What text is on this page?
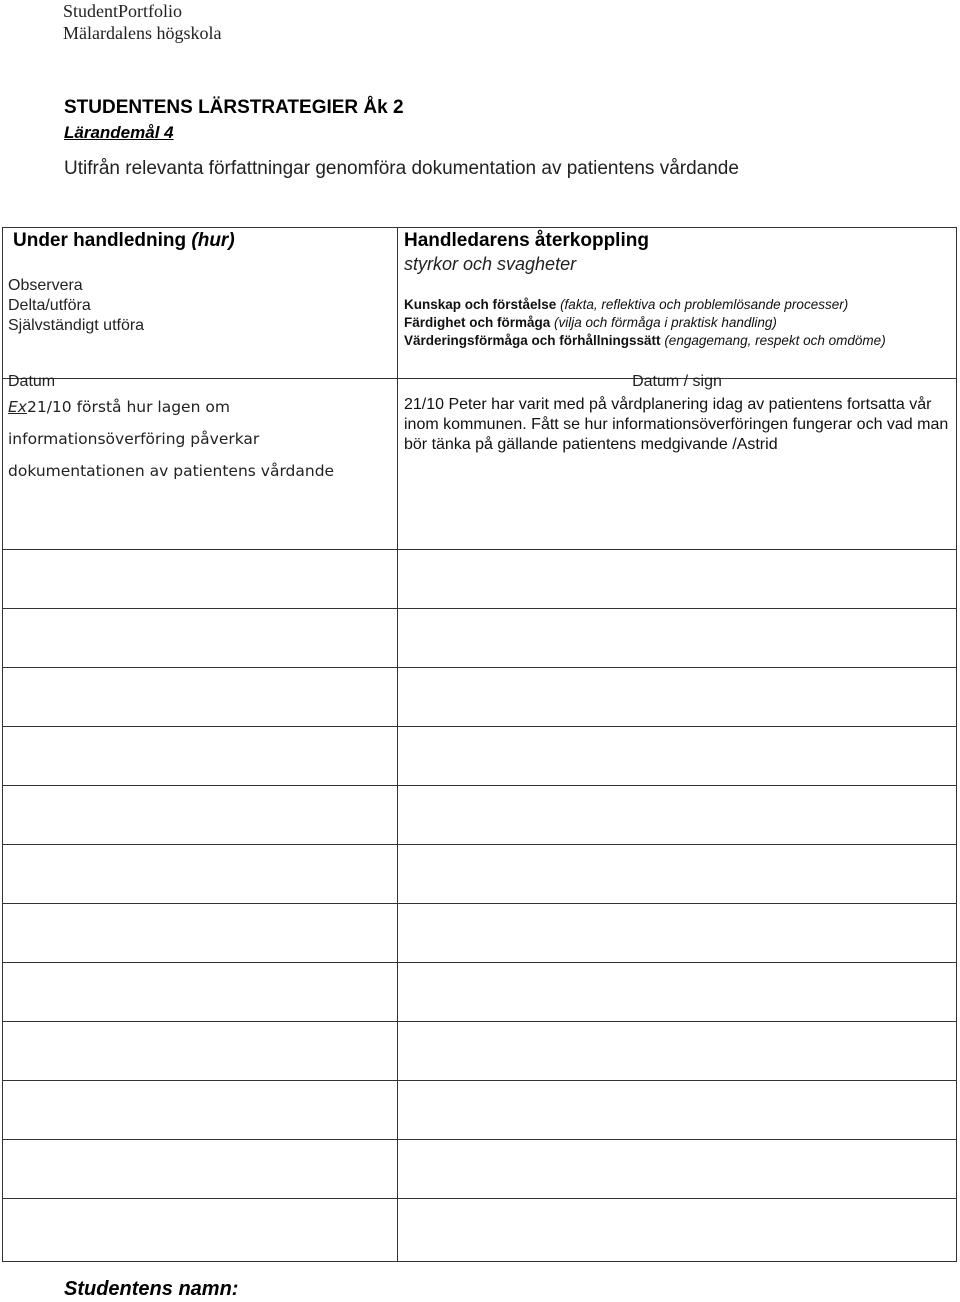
StudentPortfolio
Mälardalens högskola
STUDENTENS LÄRSTRATEGIER Åk 2
Lärandemål 4
Utifrån relevanta författningar genomföra dokumentation av patientens vårdande
Under handledning (hur)
Observera
Delta/utföra
Självständigt utföra
Handledarens återkoppling
styrkor och svagheter
Kunskap och förståelse (fakta, reflektiva och problemlösande processer)
Färdighet och förmåga (vilja och förmåga i praktisk handling)
Värderingsförmåga och förhållningssätt (engagemang, respekt och omdöme)
Datum / sign
Datum
Ex21/10 förstå hur lagen om informationsöverföring påverkar dokumentationen av patientens vårdande
21/10 Peter har varit med på vårdplanering idag av patientens fortsatta vår inom kommunen. Fått se hur informationsöverföringen fungerar och vad man bör tänka på gällande patientens medgivande /Astrid
Studentens namn:
